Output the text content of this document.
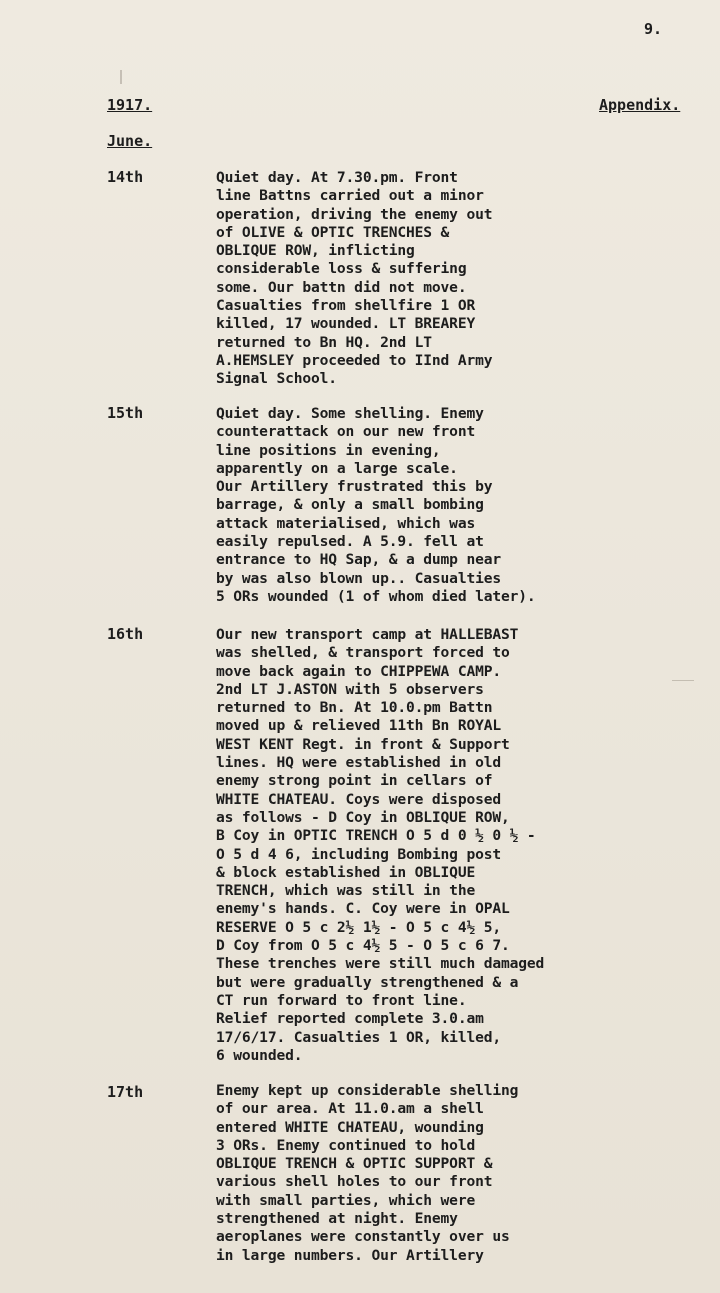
9.
1917.	Appendix.
June.
14th	Quiet day. At 7.30.pm. Front
line Battns carried out a minor
operation, driving the enemy out
of OLIVE & OPTIC TRENCHES &
OBLIQUE ROW, inflicting
considerable loss & suffering
some. Our battn did not move.
Casualties from shellfire 1 OR
killed, 17 wounded. LT BREAREY
returned to Bn HQ. 2nd LT
A.HEMSLEY proceeded to IInd Army
Signal School.
15th	Quiet day. Some shelling. Enemy
counterattack on our new front
line positions in evening,
apparently on a large scale.
Our Artillery frustrated this by
barrage, & only a small bombing
attack materialised, which was
easily repulsed. A 5.9. fell at
entrance to HQ Sap, & a dump near
by was also blown up.. Casualties
5 ORs wounded (1 of whom died later).
16th	Our new transport camp at HALLEBAST
was shelled, & transport forced to
move back again to CHIPPEWA CAMP.
2nd LT J.ASTON with 5 observers
returned to Bn. At 10.0.pm Battn
moved up & relieved 11th Bn ROYAL
WEST KENT Regt. in front & Support
lines. HQ were established in old
enemy strong point in cellars of
WHITE CHATEAU. Coys were disposed
as follows - D Coy in OBLIQUE ROW,
B Coy in OPTIC TRENCH O 5 d 0 ½ 0 ½ -
O 5 d 4 6, including Bombing post
& block established in OBLIQUE
TRENCH, which was still in the
enemy's hands. C. Coy were in OPAL
RESERVE O 5 c 2½ 1½ - O 5 c 4½ 5,
D Coy from O 5 c 4½ 5 - O 5 c 6 7.
These trenches were still much damaged
but were gradually strengthened & a
CT run forward to front line.
Relief reported complete 3.0.am
17/6/17. Casualties 1 OR, killed,
6 wounded.
17th	Enemy kept up considerable shelling
of our area. At 11.0.am a shell
entered WHITE CHATEAU, wounding
3 ORs. Enemy continued to hold
OBLIQUE TRENCH & OPTIC SUPPORT &
various shell holes to our front
with small parties, which were
strengthened at night. Enemy
aeroplanes were constantly over us
in large numbers. Our Artillery
